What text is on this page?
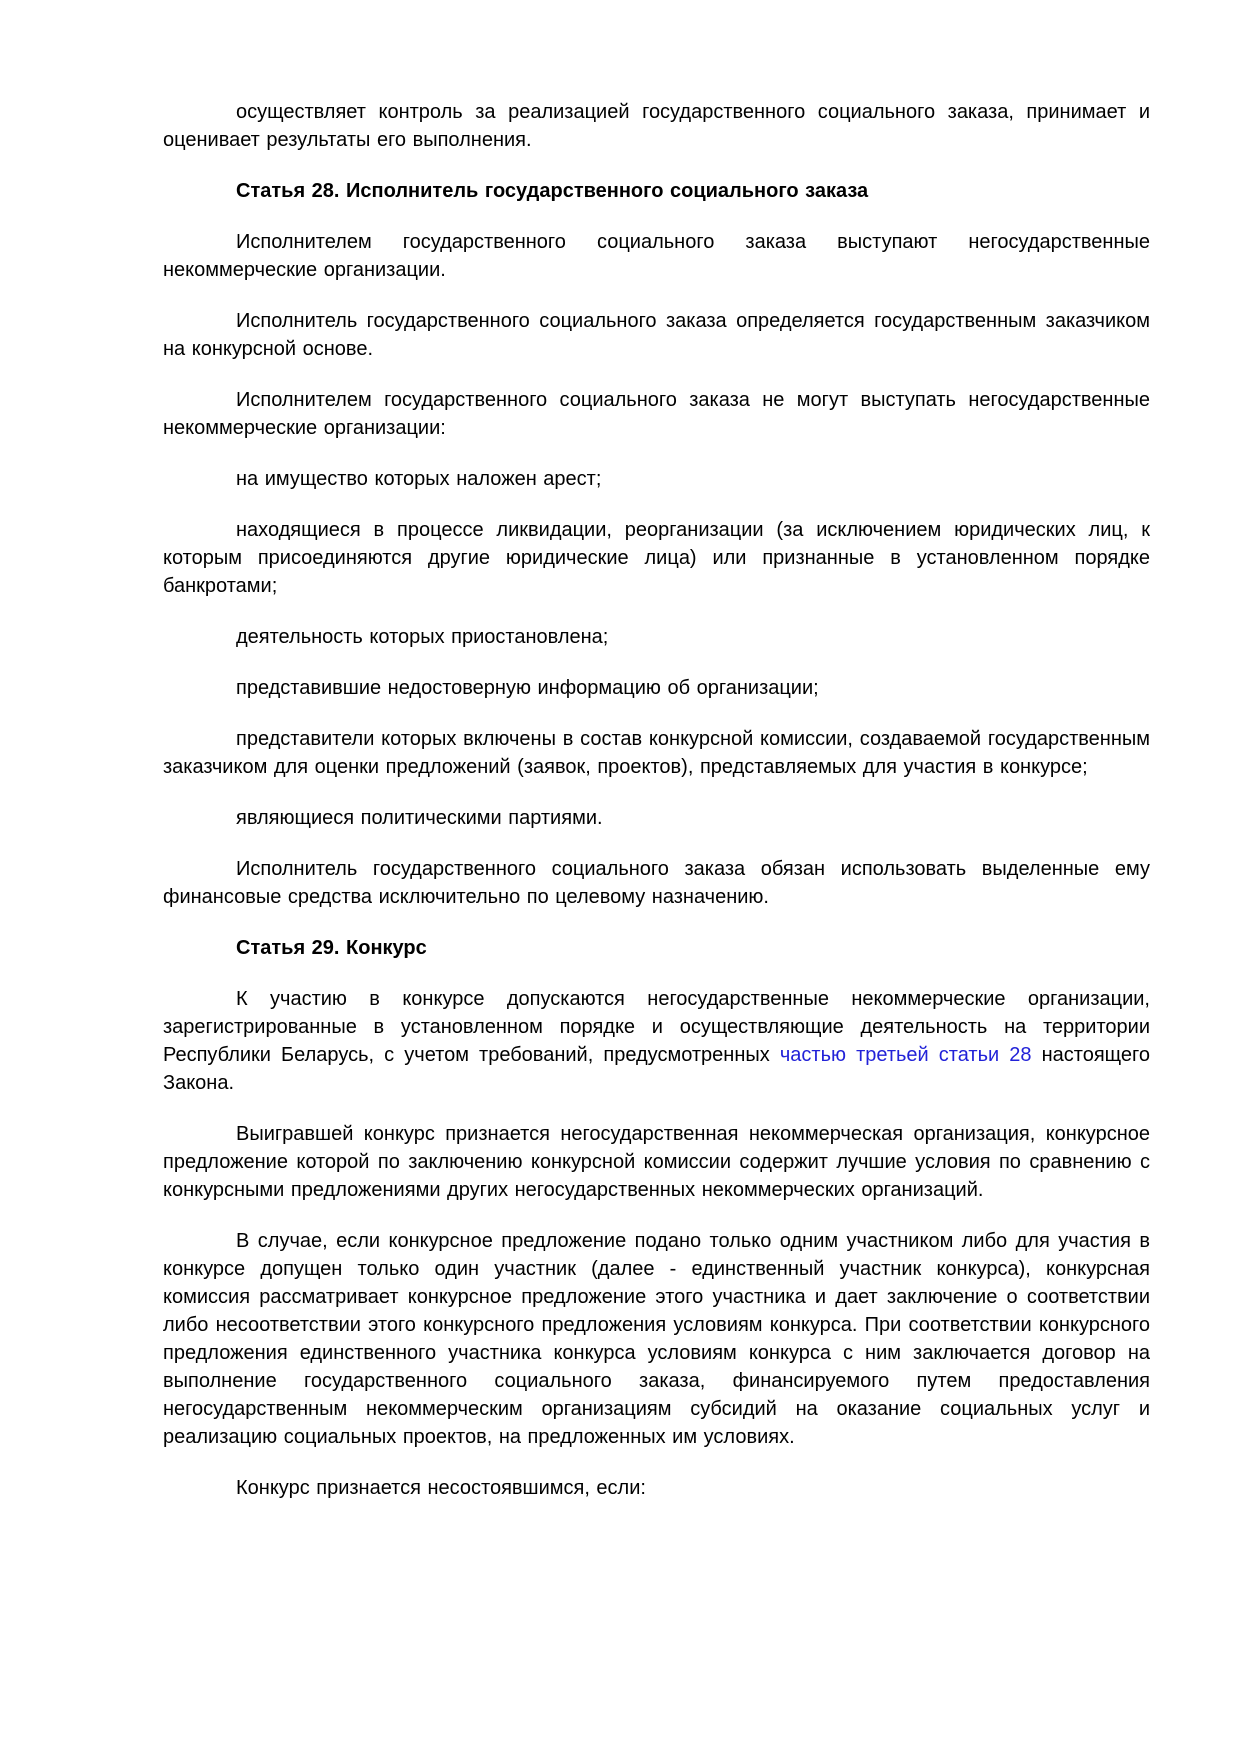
осуществляет контроль за реализацией государственного социального заказа, принимает и оценивает результаты его выполнения.

Статья 28. Исполнитель государственного социального заказа

Исполнителем государственного социального заказа выступают негосударственные некоммерческие организации.

Исполнитель государственного социального заказа определяется государственным заказчиком на конкурсной основе.

Исполнителем государственного социального заказа не могут выступать негосударственные некоммерческие организации:

на имущество которых наложен арест;

находящиеся в процессе ликвидации, реорганизации (за исключением юридических лиц, к которым присоединяются другие юридические лица) или признанные в установленном порядке банкротами;

деятельность которых приостановлена;

представившие недостоверную информацию об организации;

представители которых включены в состав конкурсной комиссии, создаваемой государственным заказчиком для оценки предложений (заявок, проектов), представляемых для участия в конкурсе;

являющиеся политическими партиями.

Исполнитель государственного социального заказа обязан использовать выделенные ему финансовые средства исключительно по целевому назначению.

Статья 29. Конкурс

К участию в конкурсе допускаются негосударственные некоммерческие организации, зарегистрированные в установленном порядке и осуществляющие деятельность на территории Республики Беларусь, с учетом требований, предусмотренных частью третьей статьи 28 настоящего Закона.

Выигравшей конкурс признается негосударственная некоммерческая организация, конкурсное предложение которой по заключению конкурсной комиссии содержит лучшие условия по сравнению с конкурсными предложениями других негосударственных некоммерческих организаций.

В случае, если конкурсное предложение подано только одним участником либо для участия в конкурсе допущен только один участник (далее - единственный участник конкурса), конкурсная комиссия рассматривает конкурсное предложение этого участника и дает заключение о соответствии либо несоответствии этого конкурсного предложения условиям конкурса. При соответствии конкурсного предложения единственного участника конкурса условиям конкурса с ним заключается договор на выполнение государственного социального заказа, финансируемого путем предоставления негосударственным некоммерческим организациям субсидий на оказание социальных услуг и реализацию социальных проектов, на предложенных им условиях.

Конкурс признается несостоявшимся, если:
